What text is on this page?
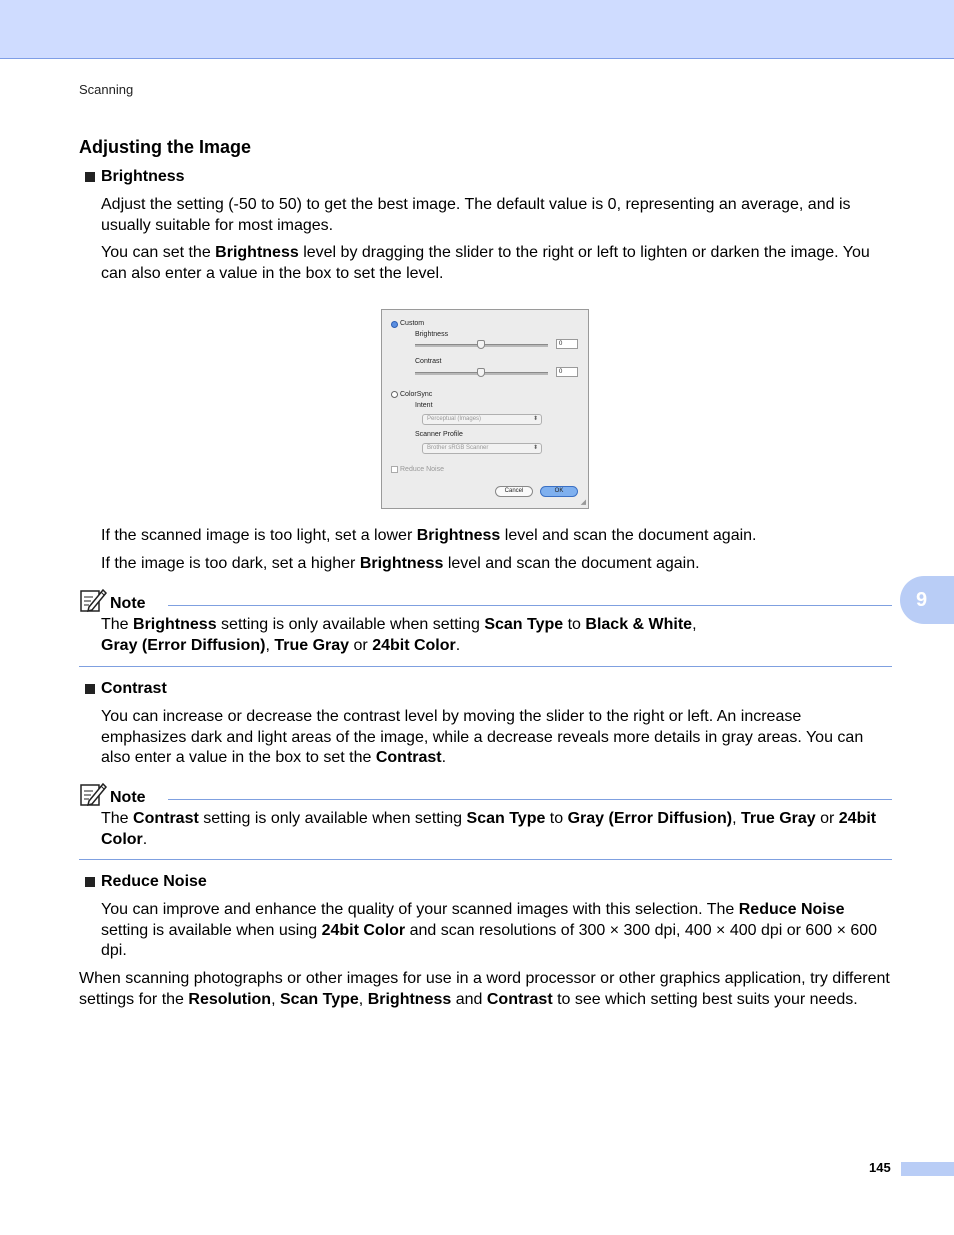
Scanning
9
Adjusting the Image
Brightness
Adjust the setting (-50 to 50) to get the best image. The default value is 0, representing an average, and is usually suitable for most images.
You can set the Brightness level by dragging the slider to the right or left to lighten or darken the image. You can also enter a value in the box to set the level.
Custom
Brightness
0
Contrast
0
ColorSync
Intent
Perceptual (Images)	⬍
Scanner Profile
Brother sRGB Scanner	⬍
Reduce Noise
Cancel	OK
◢
If the scanned image is too light, set a lower Brightness level and scan the document again.
If the image is too dark, set a higher Brightness level and scan the document again.
Note
The Brightness setting is only available when setting Scan Type to Black & White,
Gray (Error Diffusion), True Gray or 24bit Color.
Contrast
You can increase or decrease the contrast level by moving the slider to the right or left. An increase emphasizes dark and light areas of the image, while a decrease reveals more details in gray areas. You can also enter a value in the box to set the Contrast.
Note
The Contrast setting is only available when setting Scan Type to Gray (Error Diffusion), True Gray or 24bit Color.
Reduce Noise
You can improve and enhance the quality of your scanned images with this selection. The Reduce Noise setting is available when using 24bit Color and scan resolutions of 300 × 300 dpi, 400 × 400 dpi or 600 × 600 dpi.
When scanning photographs or other images for use in a word processor or other graphics application, try different settings for the Resolution, Scan Type, Brightness and Contrast to see which setting best suits your needs.
145
